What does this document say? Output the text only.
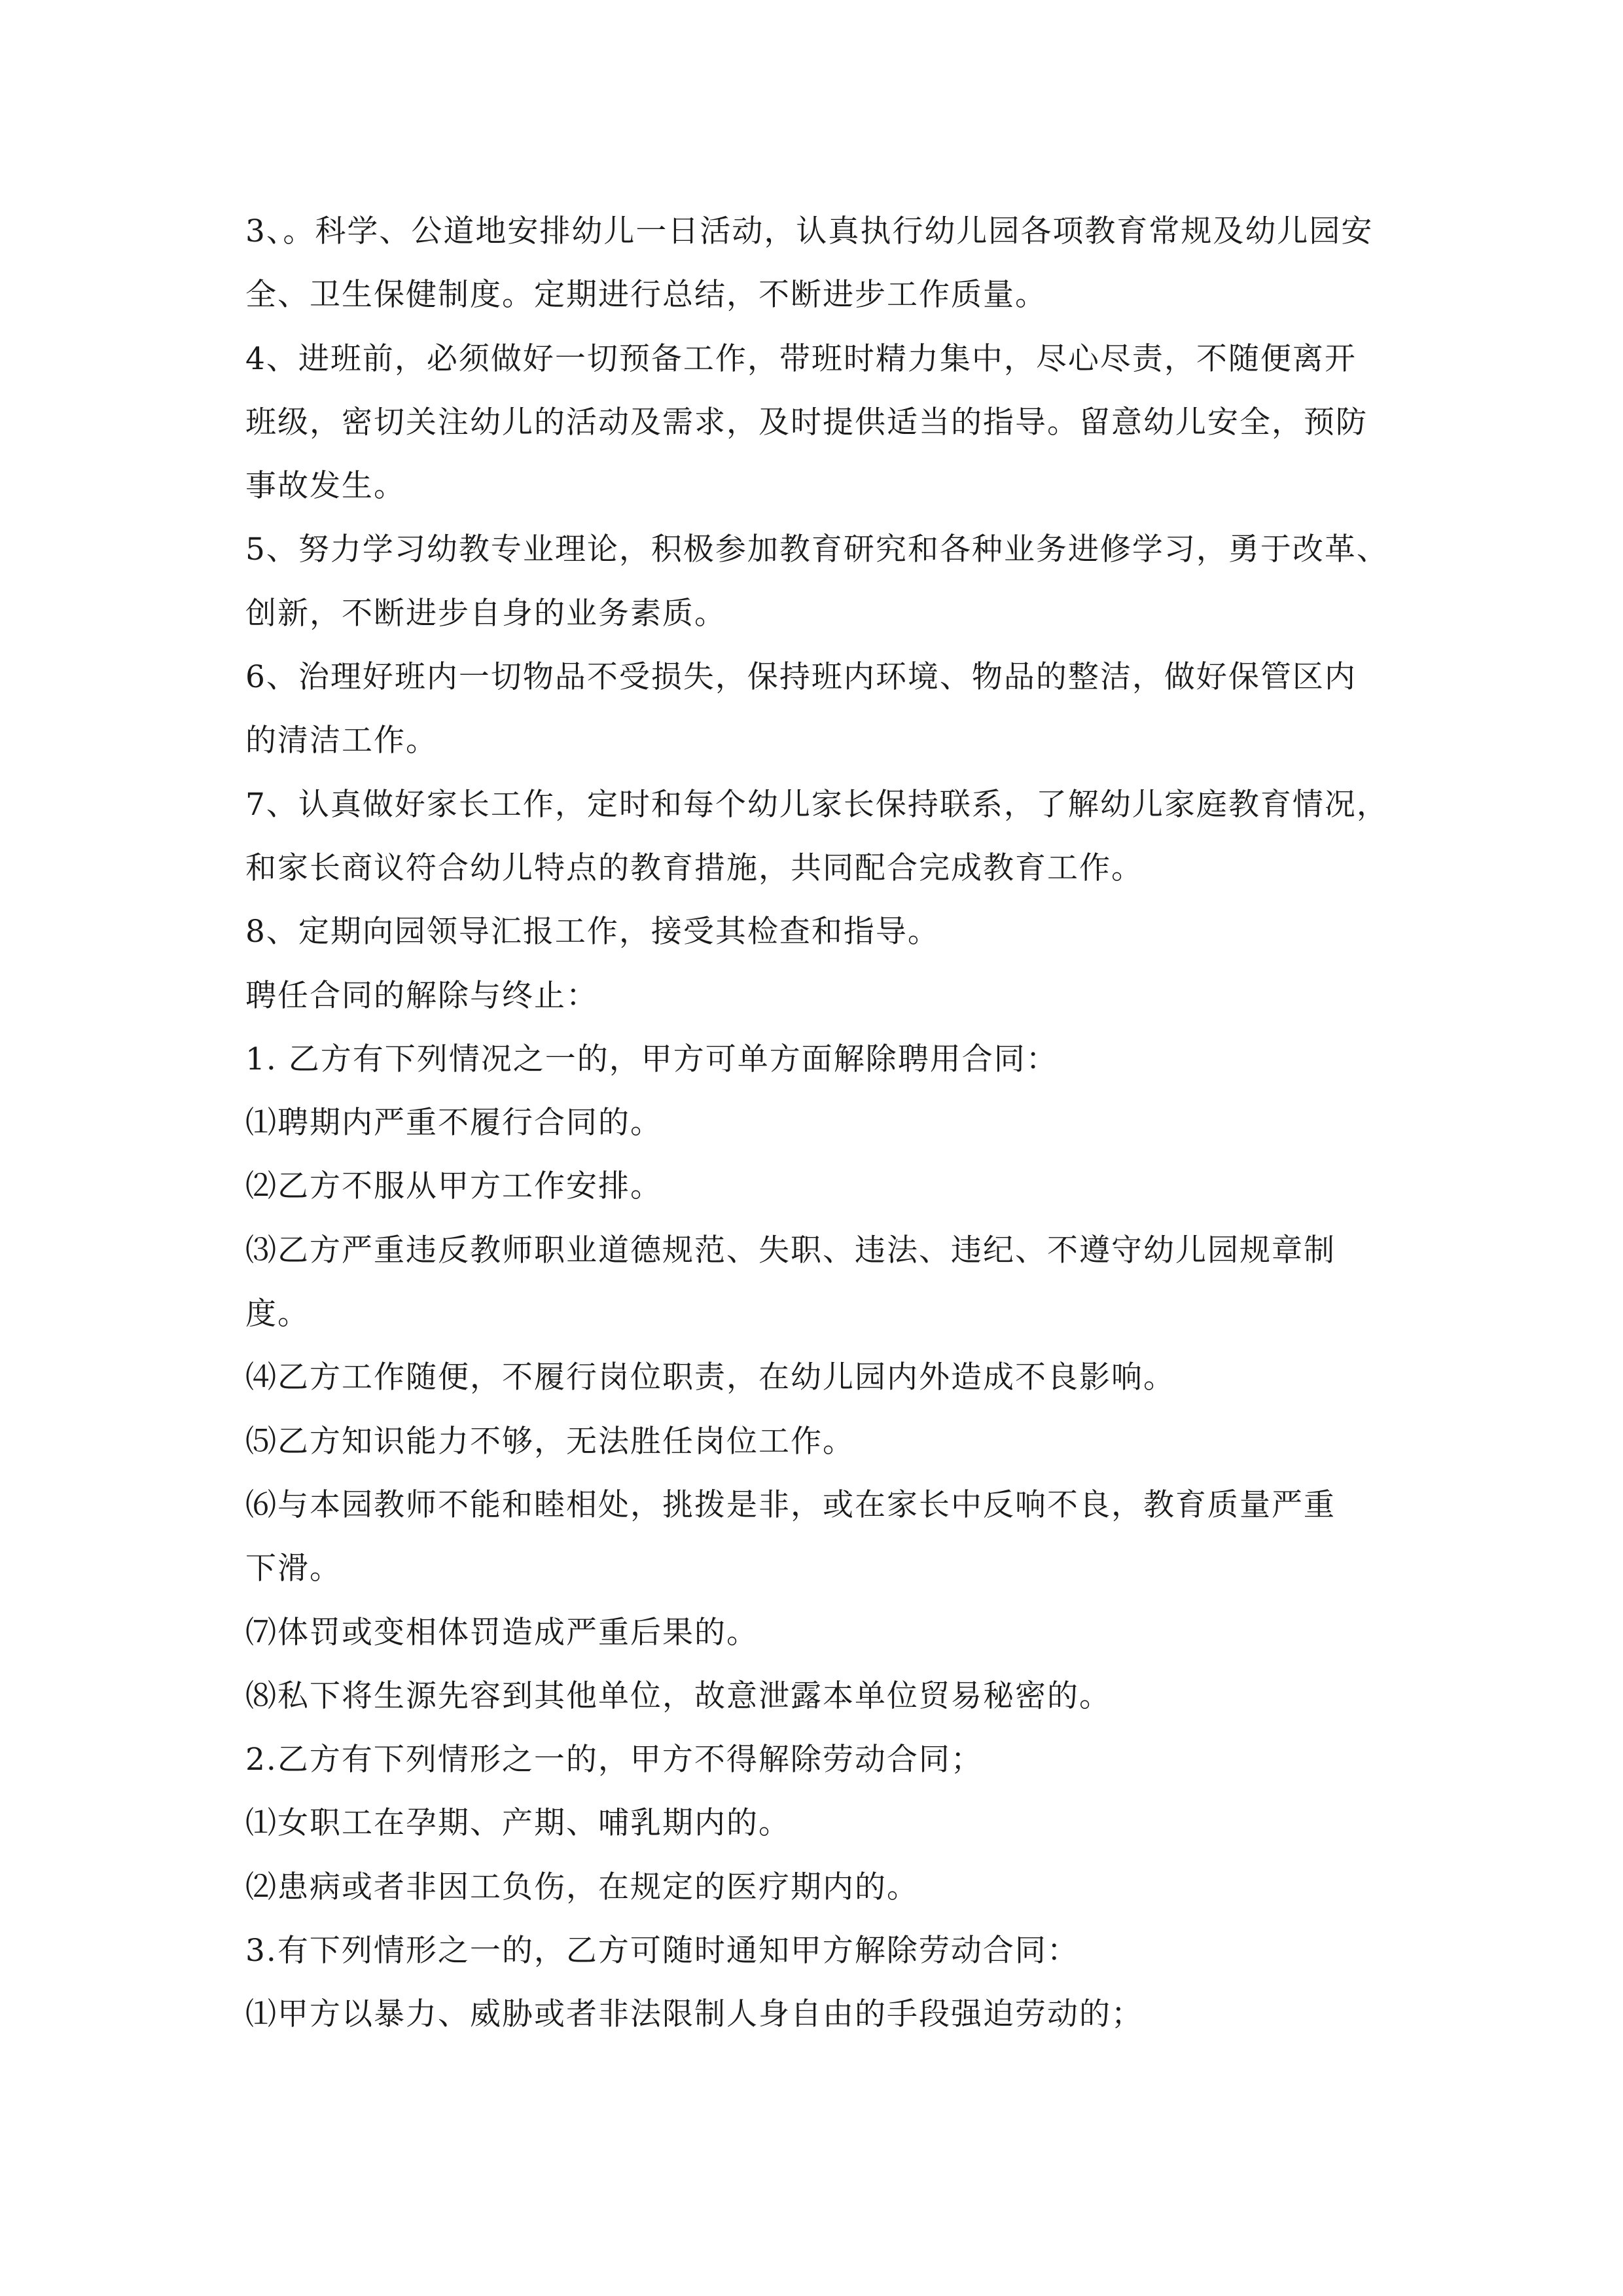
3、。科学、公道地安排幼儿一日活动，认真执行幼儿园各项教育常规及幼儿园安
全、卫生保健制度。定期进行总结，不断进步工作质量。
4、进班前，必须做好一切预备工作，带班时精力集中，尽心尽责，不随便离开
班级，密切关注幼儿的活动及需求，及时提供适当的指导。留意幼儿安全，预防
事故发生。
5、努力学习幼教专业理论，积极参加教育研究和各种业务进修学习，勇于改革、
创新，不断进步自身的业务素质。
6、治理好班内一切物品不受损失，保持班内环境、物品的整洁，做好保管区内
的清洁工作。
7、认真做好家长工作，定时和每个幼儿家长保持联系，了解幼儿家庭教育情况，
和家长商议符合幼儿特点的教育措施，共同配合完成教育工作。
8、定期向园领导汇报工作，接受其检查和指导。
聘任合同的解除与终止：
1. 乙方有下列情况之一的，甲方可单方面解除聘用合同：
⑴聘期内严重不履行合同的。
⑵乙方不服从甲方工作安排。
⑶乙方严重违反教师职业道德规范、失职、违法、违纪、不遵守幼儿园规章制
度。
⑷乙方工作随便，不履行岗位职责，在幼儿园内外造成不良影响。
⑸乙方知识能力不够，无法胜任岗位工作。
⑹与本园教师不能和睦相处，挑拨是非，或在家长中反响不良，教育质量严重
下滑。
⑺体罚或变相体罚造成严重后果的。
⑻私下将生源先容到其他单位，故意泄露本单位贸易秘密的。
2.乙方有下列情形之一的，甲方不得解除劳动合同；
⑴女职工在孕期、产期、哺乳期内的。
⑵患病或者非因工负伤，在规定的医疗期内的。
3.有下列情形之一的，乙方可随时通知甲方解除劳动合同：
⑴甲方以暴力、威胁或者非法限制人身自由的手段强迫劳动的；
